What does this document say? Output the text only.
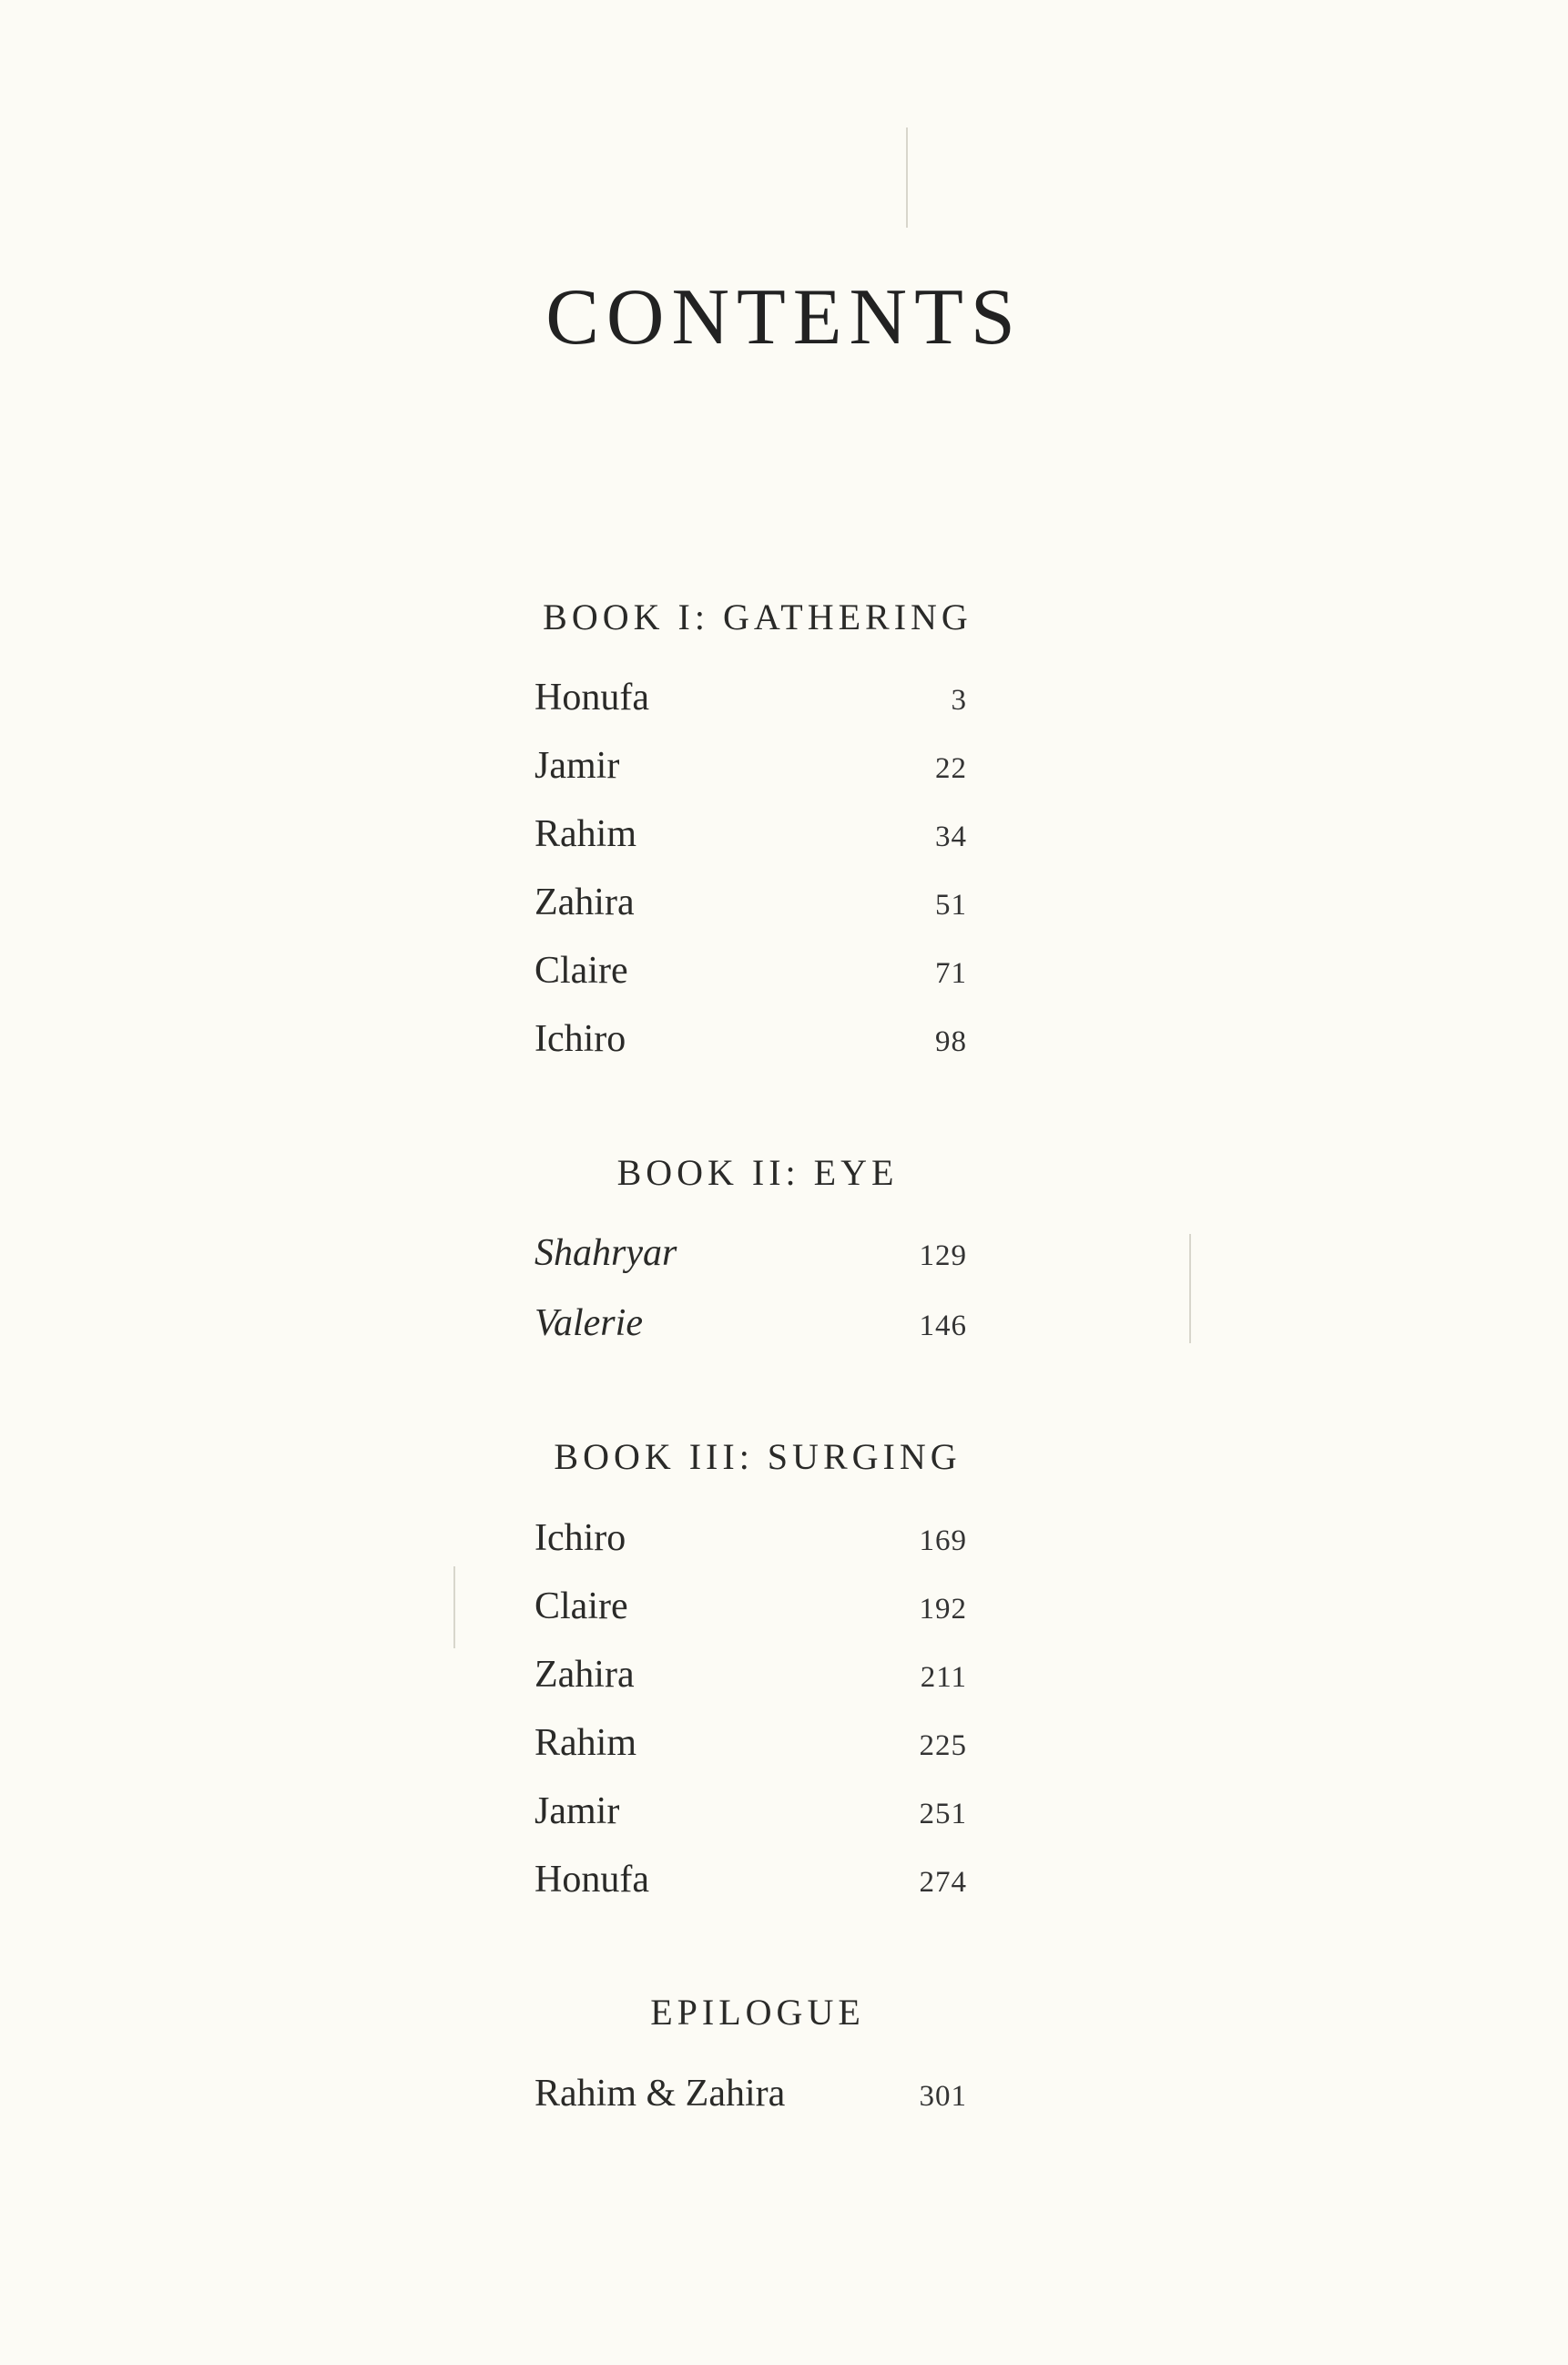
CONTENTS
BOOK I: GATHERING
Honufa	3
Jamir	22
Rahim	34
Zahira	51
Claire	71
Ichiro	98
BOOK II: EYE
Shahryar	129
Valerie	146
BOOK III: SURGING
Ichiro	169
Claire	192
Zahira	211
Rahim	225
Jamir	251
Honufa	274
EPILOGUE
Rahim & Zahira	301
